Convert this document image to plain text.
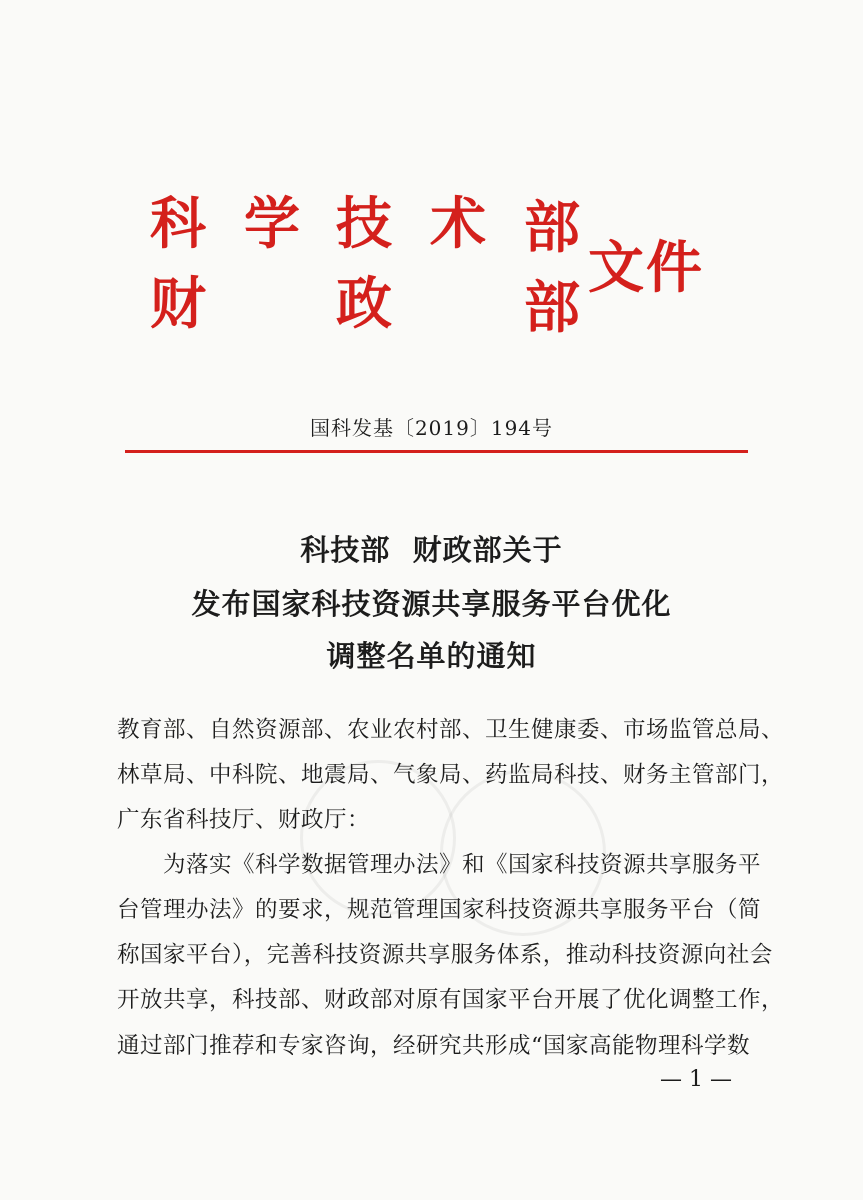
科 学 技 术 部
财 政 部
文件
国科发基〔2019〕194号
科技部  财政部关于
发布国家科技资源共享服务平台优化
调整名单的通知
教育部、自然资源部、农业农村部、卫生健康委、市场监管总局、
林草局、中科院、地震局、气象局、药监局科技、财务主管部门，
广东省科技厅、财政厅：
为落实《科学数据管理办法》和《国家科技资源共享服务平
台管理办法》的要求，规范管理国家科技资源共享服务平台（简
称国家平台），完善科技资源共享服务体系，推动科技资源向社会
开放共享，科技部、财政部对原有国家平台开展了优化调整工作，
通过部门推荐和专家咨询，经研究共形成“国家高能物理科学数
— 1 —
